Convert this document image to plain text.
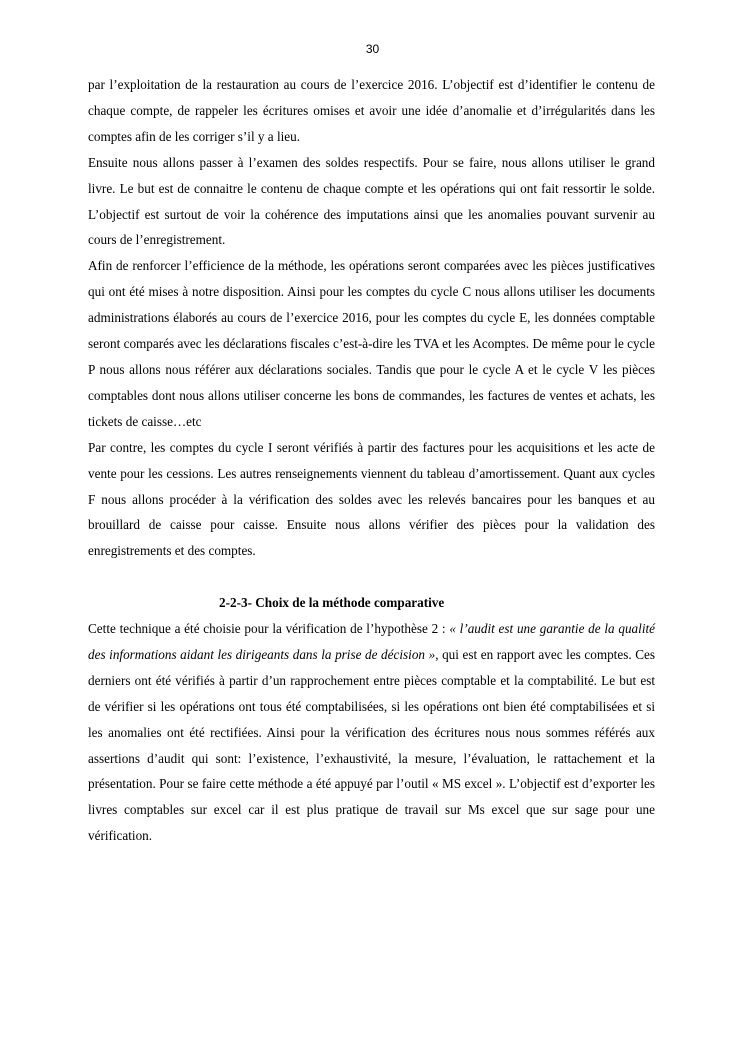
30

par l’exploitation de la restauration au cours de l’exercice 2016. L’objectif est d’identifier le contenu de chaque compte, de rappeler les écritures omises et avoir une idée d’anomalie et d’irrégularités dans les comptes afin de les corriger s’il y a lieu.

Ensuite nous allons passer à l’examen des soldes respectifs. Pour se faire, nous allons utiliser le grand livre. Le but est de connaitre le contenu de chaque compte et les opérations qui ont fait ressortir le solde. L’objectif est surtout de voir la cohérence des imputations ainsi que les anomalies pouvant survenir au cours de l’enregistrement.

Afin de renforcer l’efficience de la méthode, les opérations seront comparées avec les pièces justificatives qui ont été mises à notre disposition. Ainsi pour les comptes du cycle C nous allons utiliser les documents administrations élaborés au cours de l’exercice 2016, pour les comptes du cycle E, les données comptable seront comparés avec les déclarations fiscales c’est-à-dire les TVA et les Acomptes. De même pour le cycle P nous allons nous référer aux déclarations sociales. Tandis que pour le cycle A et le cycle V les pièces comptables dont nous allons utiliser concerne les bons de commandes, les factures de ventes et achats, les tickets de caisse…etc

Par contre, les comptes du cycle I seront vérifiés à partir des factures pour les acquisitions et les acte de vente pour les cessions. Les autres renseignements viennent du tableau d’amortissement. Quant aux cycles F nous allons procéder à la vérification des soldes avec les relevés bancaires pour les banques et au brouillard de caisse pour caisse. Ensuite nous allons vérifier des pièces pour la validation des enregistrements et des comptes.

2-2-3- Choix de la méthode comparative

Cette technique a été choisie pour la vérification de l’hypothèse 2 : « l’audit est une garantie de la qualité des informations aidant les dirigeants dans la prise de décision », qui est en rapport avec les comptes. Ces derniers ont été vérifiés à partir d’un rapprochement entre pièces comptable et la comptabilité. Le but est de vérifier si les opérations ont tous été comptabilisées, si les opérations ont bien été comptabilisées et si les anomalies ont été rectifiées. Ainsi pour la vérification des écritures nous nous sommes référés aux assertions d’audit qui sont: l’existence, l’exhaustivité, la mesure, l’évaluation, le rattachement et la présentation. Pour se faire cette méthode a été appuyé par l’outil « MS excel ». L’objectif est d’exporter les livres comptables sur excel car il est plus pratique de travail sur Ms excel que sur sage pour une vérification.
